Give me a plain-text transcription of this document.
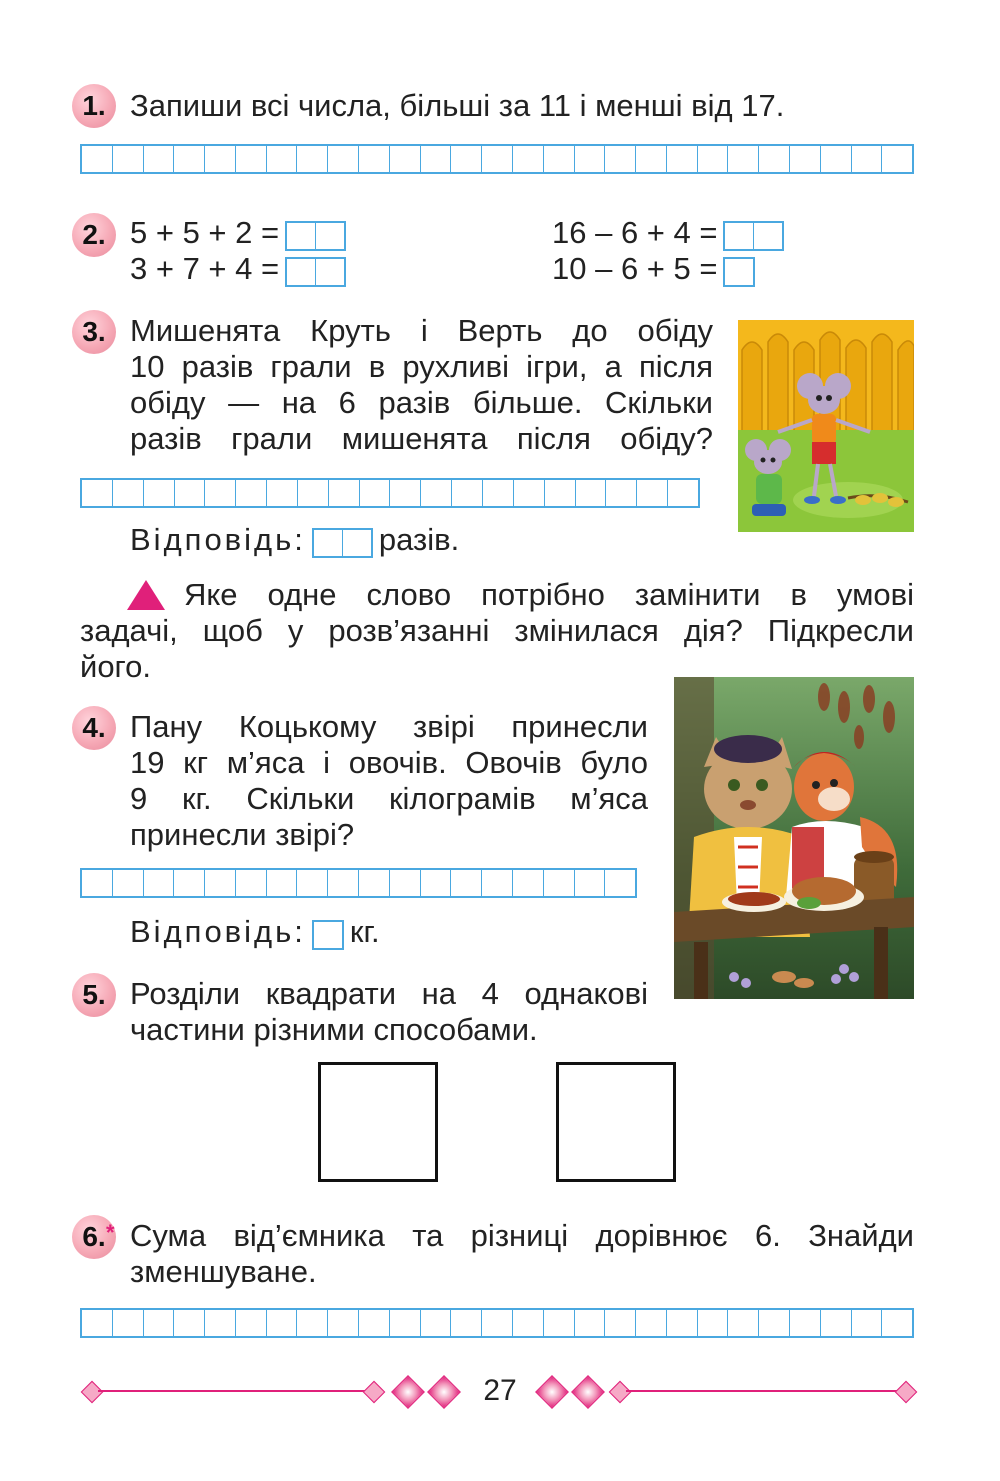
1. Запиши всі числа, більші за 11 і менші від 17.
2. 5 + 5 + 2 =
3 + 7 + 4 =
16 – 6 + 4 =
10 – 6 + 5 =
3. Мишенята Круть і Верть до обіду
10 разів грали в рухливі ігри, а після
обіду — на 6 разів більше. Скільки
разів грали мишенята після обіду?
Відповідь: разів.
Яке одне слово потрібно замінити в умові
задачі, щоб у розв’язанні змінилася дія? Підкресли
його.
4. Пану Коцькому звірі принесли
19 кг м’яса і овочів. Овочів було
9 кг. Скільки кілограмів м’яса
принесли звірі?
Відповідь: кг.
5. Розділи квадрати на 4 однакові
частини різними способами.
6. * Сума від’ємника та різниці дорівнює 6. Знайди
зменшуване.
27
